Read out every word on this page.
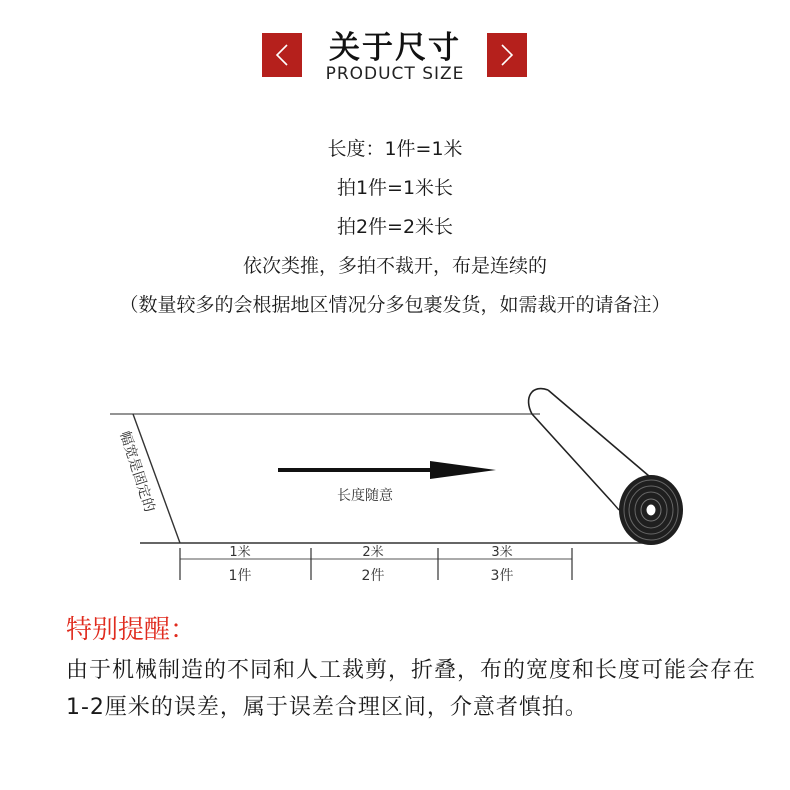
关于尺寸
PRODUCT SIZE
长度：1件=1米
拍1件=1米长
拍2件=2米长
依次类推，多拍不裁开，布是连续的
（数量较多的会根据地区情况分多包裹发货，如需裁开的请备注）
长度随意
幅宽是固定的
1米	2米	3米
1件	2件	3件
特别提醒：
由于机械制造的不同和人工裁剪，折叠，布的宽度和长度可能会存在1-2厘米的误差，属于误差合理区间，介意者慎拍。
